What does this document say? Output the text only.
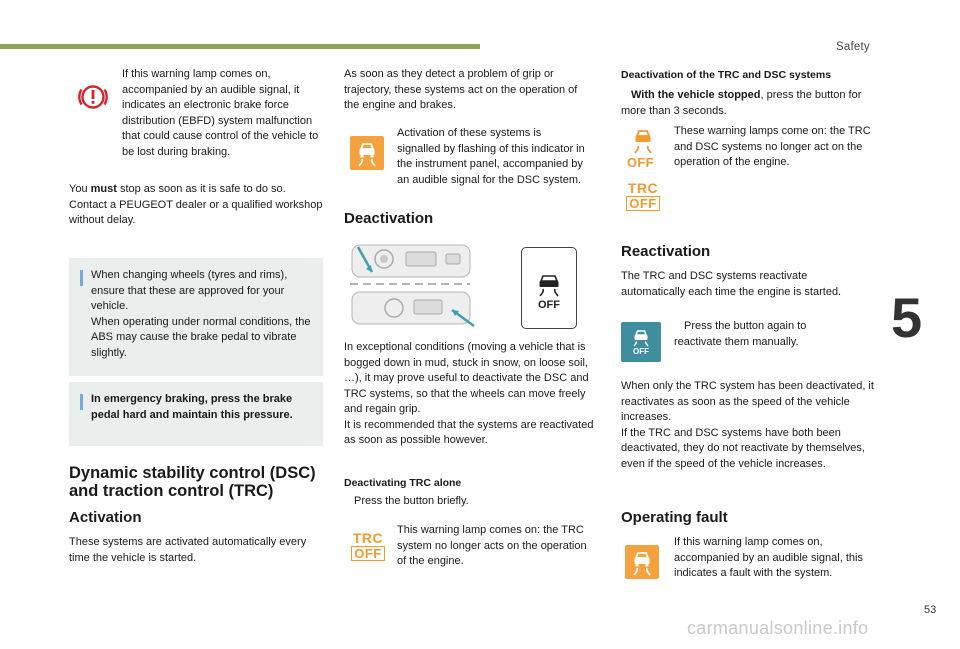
Safety
5
53
carmanualsonline.info

If this warning lamp comes on, accompanied by an audible signal, it indicates an electronic brake force distribution (EBFD) system malfunction that could cause control of the vehicle to be lost during braking.

You must stop as soon as it is safe to do so. Contact a PEUGEOT dealer or a qualified workshop without delay.

When changing wheels (tyres and rims), ensure that these are approved for your vehicle.

When operating under normal conditions, the ABS may cause the brake pedal to vibrate slightly.

In emergency braking, press the brake pedal hard and maintain this pressure.

Dynamic stability control (DSC)
and traction control (TRC)
Activation

These systems are activated automatically every time the vehicle is started.

As soon as they detect a problem of grip or trajectory, these systems act on the operation of the engine and brakes.

Activation of these systems is signalled by flashing of this indicator in the instrument panel, accompanied by an audible signal for the DSC system.

Deactivation
OFF

In exceptional conditions (moving a vehicle that is bogged down in mud, stuck in snow, on loose soil, …), it may prove useful to deactivate the DSC and TRC systems, so that the wheels can move freely and regain grip.
It is recommended that the systems are reactivated as soon as possible however.

Deactivating TRC alone

Press the button briefly.

TRC
OFF

This warning lamp comes on: the TRC system no longer acts on the operation of the engine.

Deactivation of the TRC and DSC systems

With the vehicle stopped, press the button for more than 3 seconds.

OFF
TRC
OFF

These warning lamps come on: the TRC and DSC systems no longer act on the operation of the engine.

Reactivation

The TRC and DSC systems reactivate automatically each time the engine is started.

OFF

Press the button again to reactivate them manually.

When only the TRC system has been deactivated, it reactivates as soon as the speed of the vehicle increases.
If the TRC and DSC systems have both been deactivated, they do not reactivate by themselves, even if the speed of the vehicle increases.

Operating fault

If this warning lamp comes on, accompanied by an audible signal, this indicates a fault with the system.
